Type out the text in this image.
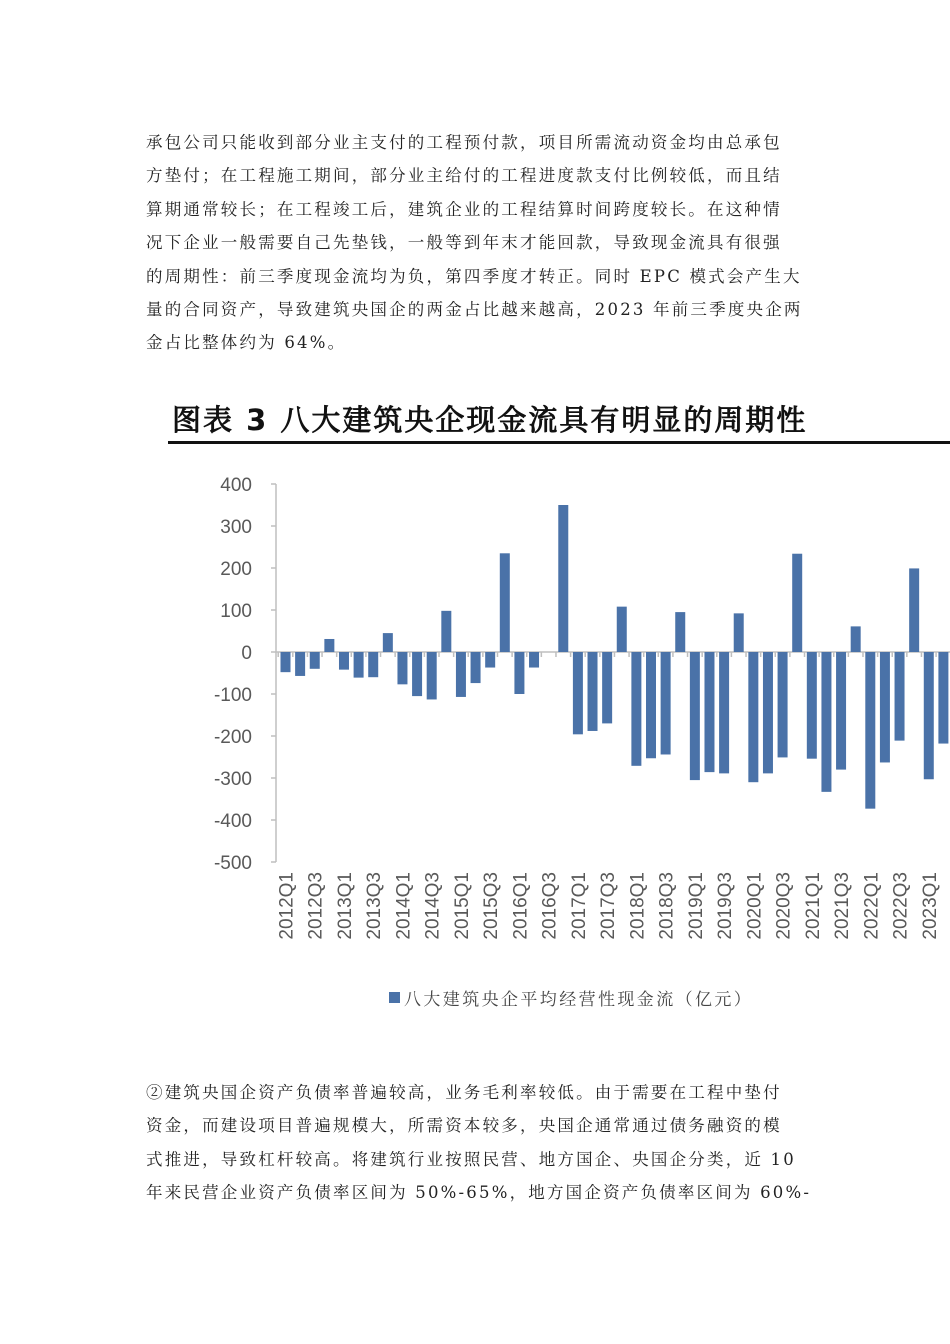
承包公司只能收到部分业主支付的工程预付款，项目所需流动资金均由总承包
方垫付；在工程施工期间，部分业主给付的工程进度款支付比例较低，而且结
算期通常较长；在工程竣工后，建筑企业的工程结算时间跨度较长。在这种情
况下企业一般需要自己先垫钱，一般等到年末才能回款，导致现金流具有很强
的周期性：前三季度现金流均为负，第四季度才转正。同时 EPC 模式会产生大
量的合同资产，导致建筑央国企的两金占比越来越高，2023 年前三季度央企两
金占比整体约为 64%。
图表 3 八大建筑央企现金流具有明显的周期性
400
300
200
100
0
-100
-200
-300
-400
-500
2012Q1 2012Q3 2013Q1 2013Q3 2014Q1 2014Q3 2015Q1 2015Q3 2016Q1 2016Q3 2017Q1 2017Q3 2018Q1 2018Q3 2019Q1 2019Q3 2020Q1 2020Q3 2021Q1 2021Q3 2022Q1 2022Q3 2023Q1
八大建筑央企平均经营性现金流（亿元）
②建筑央国企资产负债率普遍较高，业务毛利率较低。由于需要在工程中垫付
资金，而建设项目普遍规模大，所需资本较多，央国企通常通过债务融资的模
式推进，导致杠杆较高。将建筑行业按照民营、地方国企、央国企分类，近 10
年来民营企业资产负债率区间为 50%-65%，地方国企资产负债率区间为 60%-
